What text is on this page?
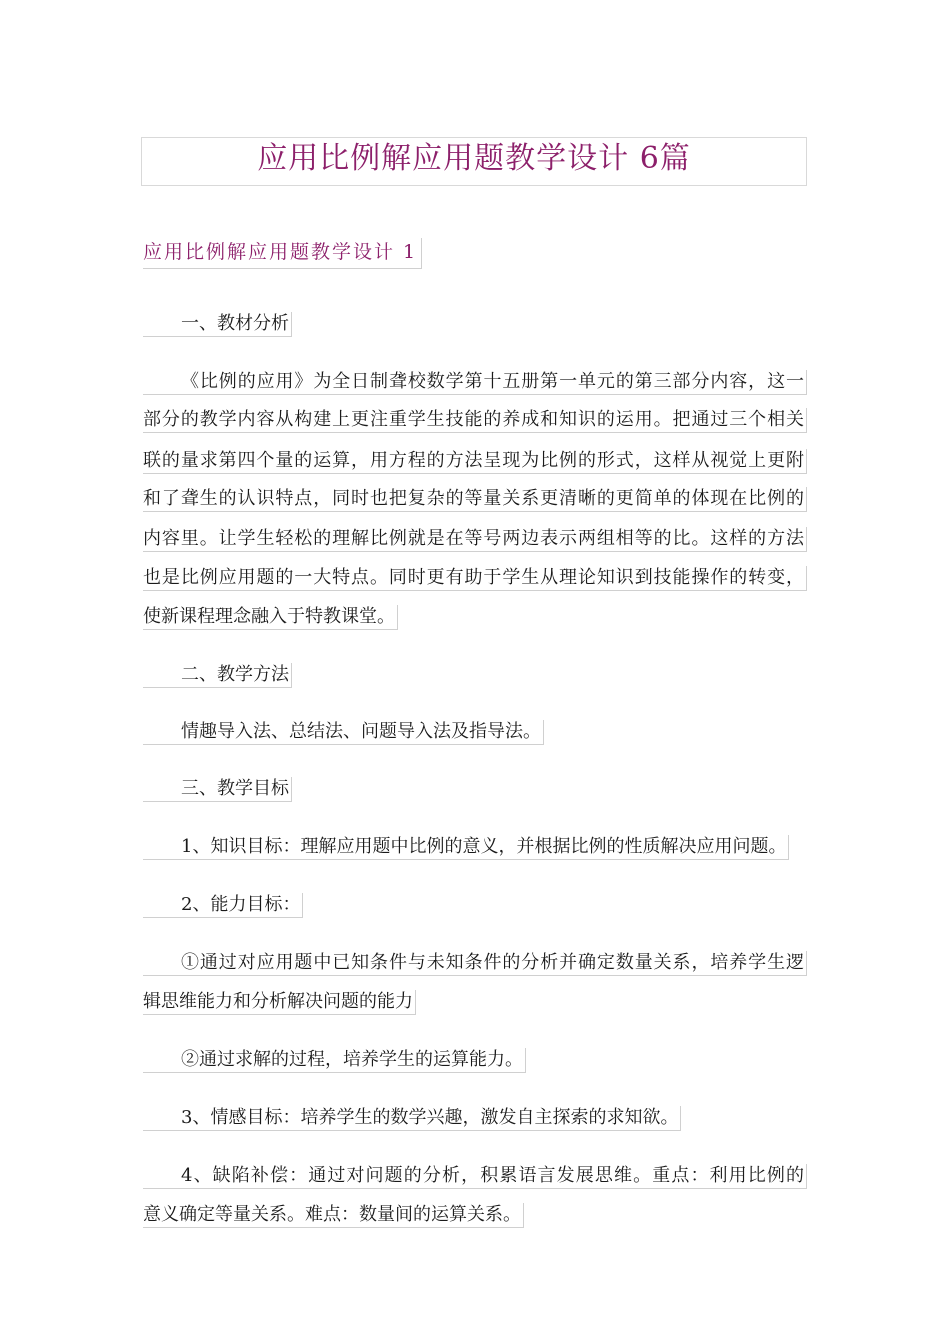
应用比例解应用题教学设计 6篇
应用比例解应用题教学设计 1
一、教材分析
《比例的应用》为全日制聋校数学第十五册第一单元的第三部分内容，这一
部分的教学内容从构建上更注重学生技能的养成和知识的运用。把通过三个相关
联的量求第四个量的运算，用方程的方法呈现为比例的形式，这样从视觉上更附
和了聋生的认识特点，同时也把复杂的等量关系更清晰的更简单的体现在比例的
内容里。让学生轻松的理解比例就是在等号两边表示两组相等的比。这样的方法
也是比例应用题的一大特点。同时更有助于学生从理论知识到技能操作的转变，
使新课程理念融入于特教课堂。
二、教学方法
情趣导入法、总结法、问题导入法及指导法。
三、教学目标
1、知识目标：理解应用题中比例的意义，并根据比例的性质解决应用问题。
2、能力目标：
①通过对应用题中已知条件与未知条件的分析并确定数量关系，培养学生逻
辑思维能力和分析解决问题的能力
②通过求解的过程，培养学生的运算能力。
3、情感目标：培养学生的数学兴趣，激发自主探索的求知欲。
4、缺陷补偿：通过对问题的分析，积累语言发展思维。重点：利用比例的
意义确定等量关系。难点：数量间的运算关系。
